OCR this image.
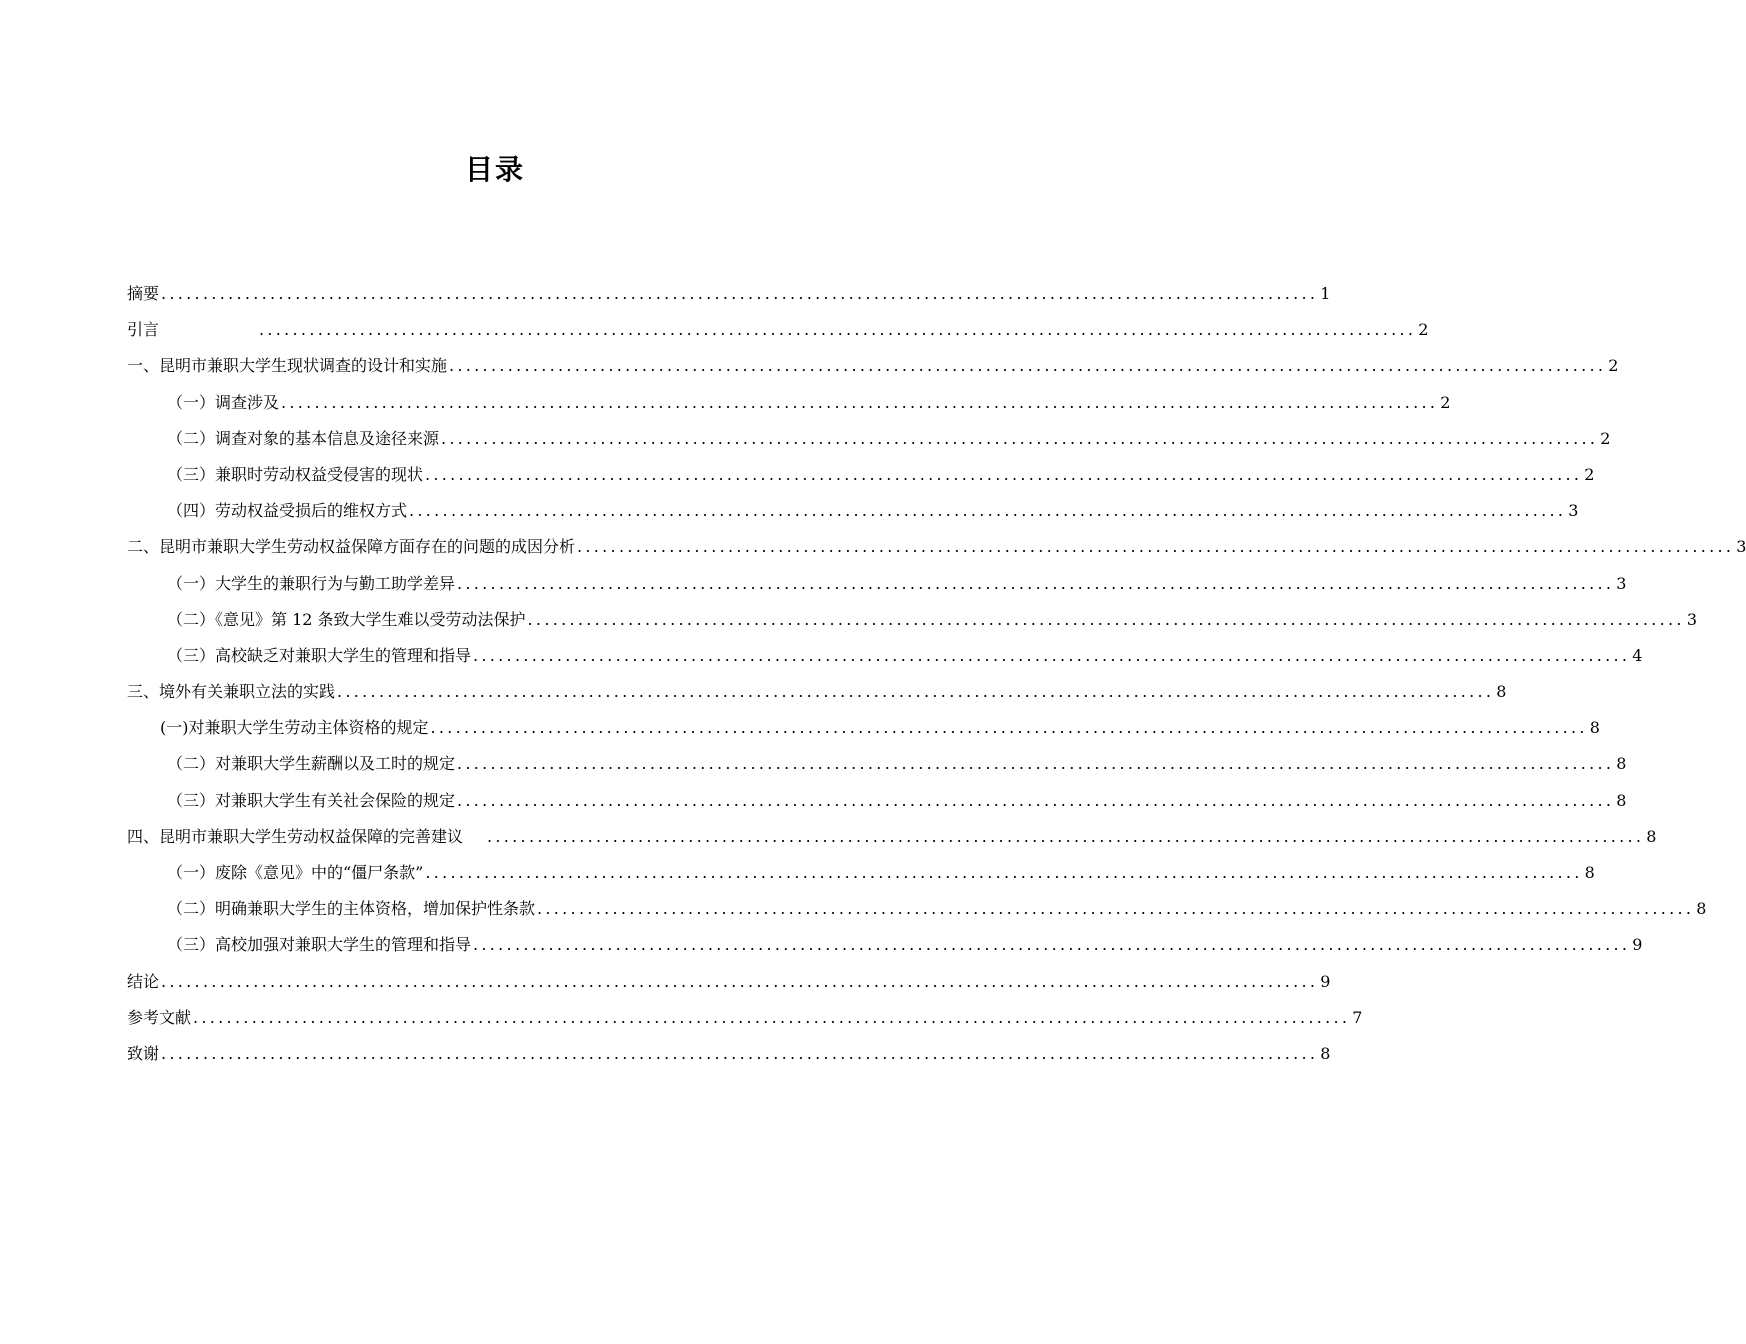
目录
摘要 .......................................................................................................................................... 1
引言	.......................................................................................................................................... 2
一、昆明市兼职大学生现状调查的设计和实施 .......................................................................................................................................... 2
（一）调查涉及 .......................................................................................................................................... 2
（二）调查对象的基本信息及途径来源 .......................................................................................................................................... 2
（三）兼职时劳动权益受侵害的现状 .......................................................................................................................................... 2
（四）劳动权益受损后的维权方式 .......................................................................................................................................... 3
二、昆明市兼职大学生劳动权益保障方面存在的问题的成因分析 .......................................................................................................................................... 3
（一）大学生的兼职行为与勤工助学差异 .......................................................................................................................................... 3
（二）《意见》第 12 条致大学生难以受劳动法保护 .......................................................................................................................................... 3
（三）高校缺乏对兼职大学生的管理和指导 .......................................................................................................................................... 4
三、境外有关兼职立法的实践 .......................................................................................................................................... 8
(一)对兼职大学生劳动主体资格的规定 .......................................................................................................................................... 8
（二）对兼职大学生薪酬以及工时的规定 .......................................................................................................................................... 8
（三）对兼职大学生有关社会保险的规定 .......................................................................................................................................... 8
四、昆明市兼职大学生劳动权益保障的完善建议	.......................................................................................................................................... 8
（一）废除《意见》中的“僵尸条款” .......................................................................................................................................... 8
（二）明确兼职大学生的主体资格，增加保护性条款 .......................................................................................................................................... 8
（三）高校加强对兼职大学生的管理和指导 .......................................................................................................................................... 9
结论 .......................................................................................................................................... 9
参考文献 .......................................................................................................................................... 7
致谢 .......................................................................................................................................... 8
